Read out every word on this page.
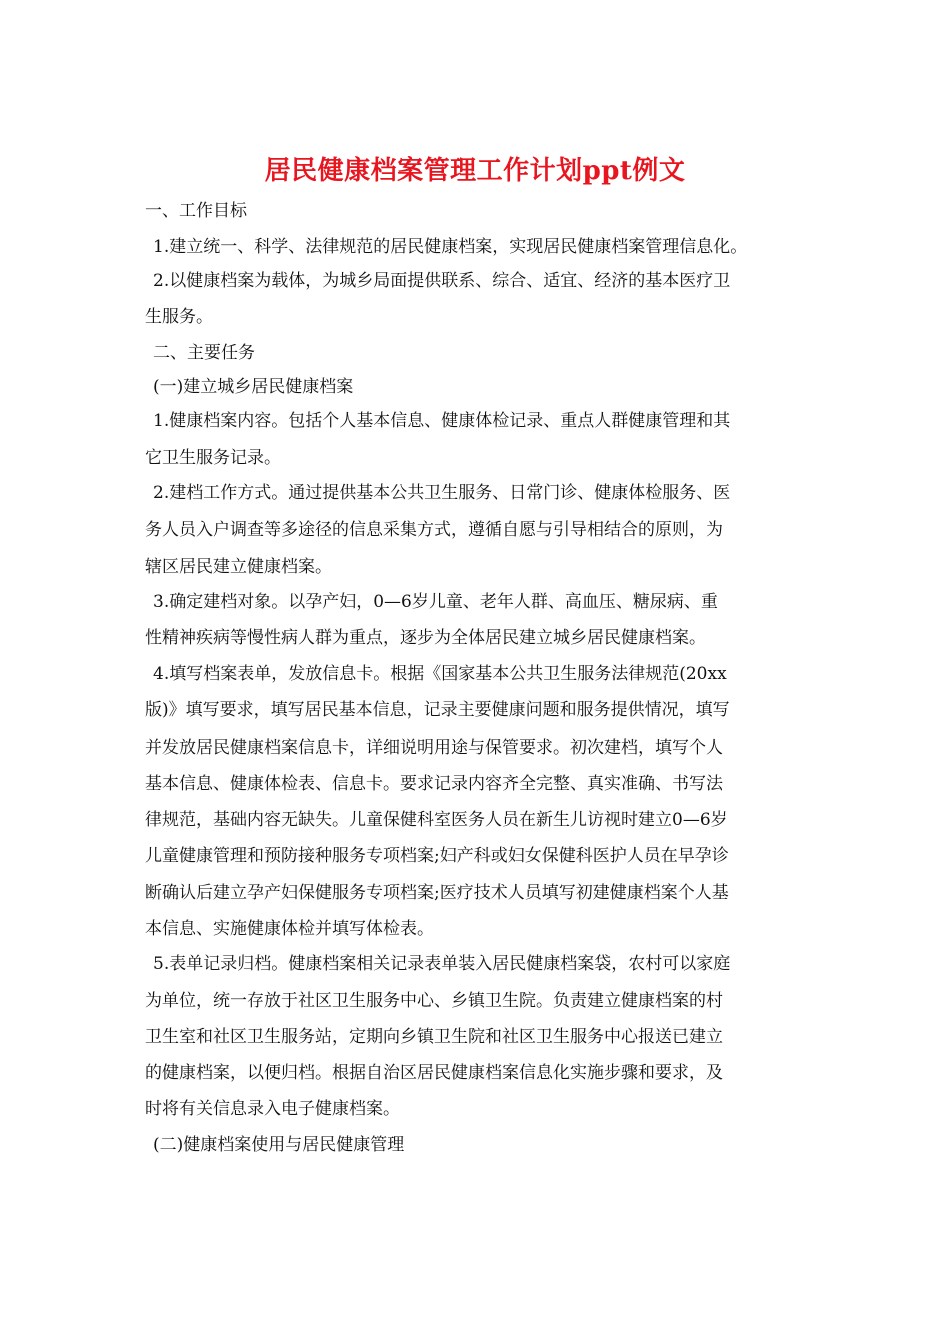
居民健康档案管理工作计划ppt例文
一、工作目标
1.建立统一、科学、法律规范的居民健康档案，实现居民健康档案管理信息化。
2.以健康档案为载体，为城乡局面提供联系、综合、适宜、经济的基本医疗卫
生服务。
二、主要任务
(一)建立城乡居民健康档案
1.健康档案内容。包括个人基本信息、健康体检记录、重点人群健康管理和其
它卫生服务记录。
2.建档工作方式。通过提供基本公共卫生服务、日常门诊、健康体检服务、医
务人员入户调查等多途径的信息采集方式，遵循自愿与引导相结合的原则，为
辖区居民建立健康档案。
3.确定建档对象。以孕产妇，0—6岁儿童、老年人群、高血压、糖尿病、重
性精神疾病等慢性病人群为重点，逐步为全体居民建立城乡居民健康档案。
4.填写档案表单，发放信息卡。根据《国家基本公共卫生服务法律规范(20xx
版)》填写要求，填写居民基本信息，记录主要健康问题和服务提供情况，填写
并发放居民健康档案信息卡，详细说明用途与保管要求。初次建档，填写个人
基本信息、健康体检表、信息卡。要求记录内容齐全完整、真实准确、书写法
律规范，基础内容无缺失。儿童保健科室医务人员在新生儿访视时建立0—6岁
儿童健康管理和预防接种服务专项档案;妇产科或妇女保健科医护人员在早孕诊
断确认后建立孕产妇保健服务专项档案;医疗技术人员填写初建健康档案个人基
本信息、实施健康体检并填写体检表。
5.表单记录归档。健康档案相关记录表单装入居民健康档案袋，农村可以家庭
为单位，统一存放于社区卫生服务中心、乡镇卫生院。负责建立健康档案的村
卫生室和社区卫生服务站，定期向乡镇卫生院和社区卫生服务中心报送已建立
的健康档案，以便归档。根据自治区居民健康档案信息化实施步骤和要求，及
时将有关信息录入电子健康档案。
(二)健康档案使用与居民健康管理
